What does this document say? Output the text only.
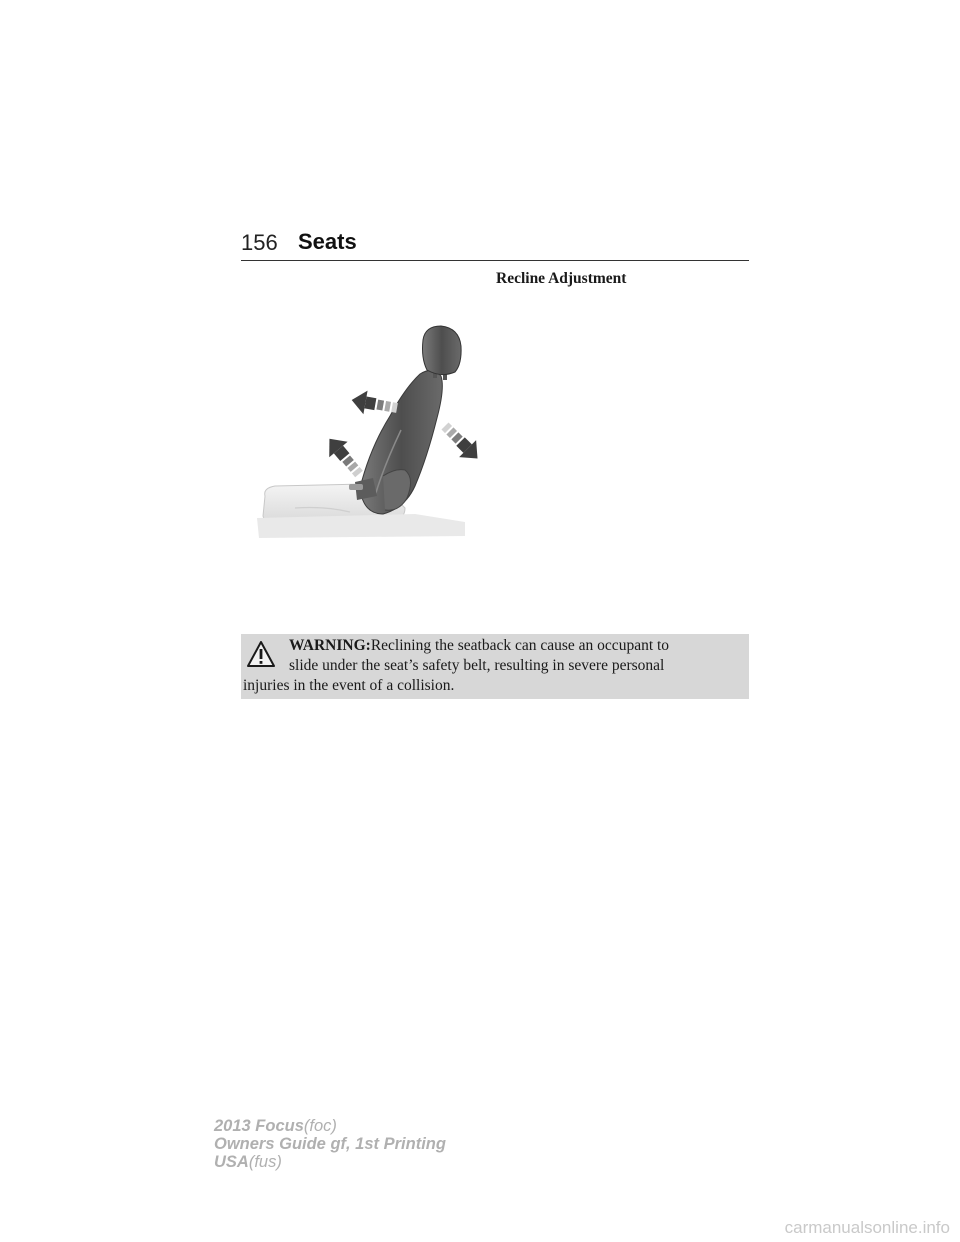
156 Seats
Recline Adjustment
WARNING:Reclining the seatback can cause an occupant to
slide under the seat’s safety belt, resulting in severe personal
injuries in the event of a collision.
2013 Focus(foc)
Owners Guide gf, 1st Printing
USA(fus)
carmanualsonline.info
